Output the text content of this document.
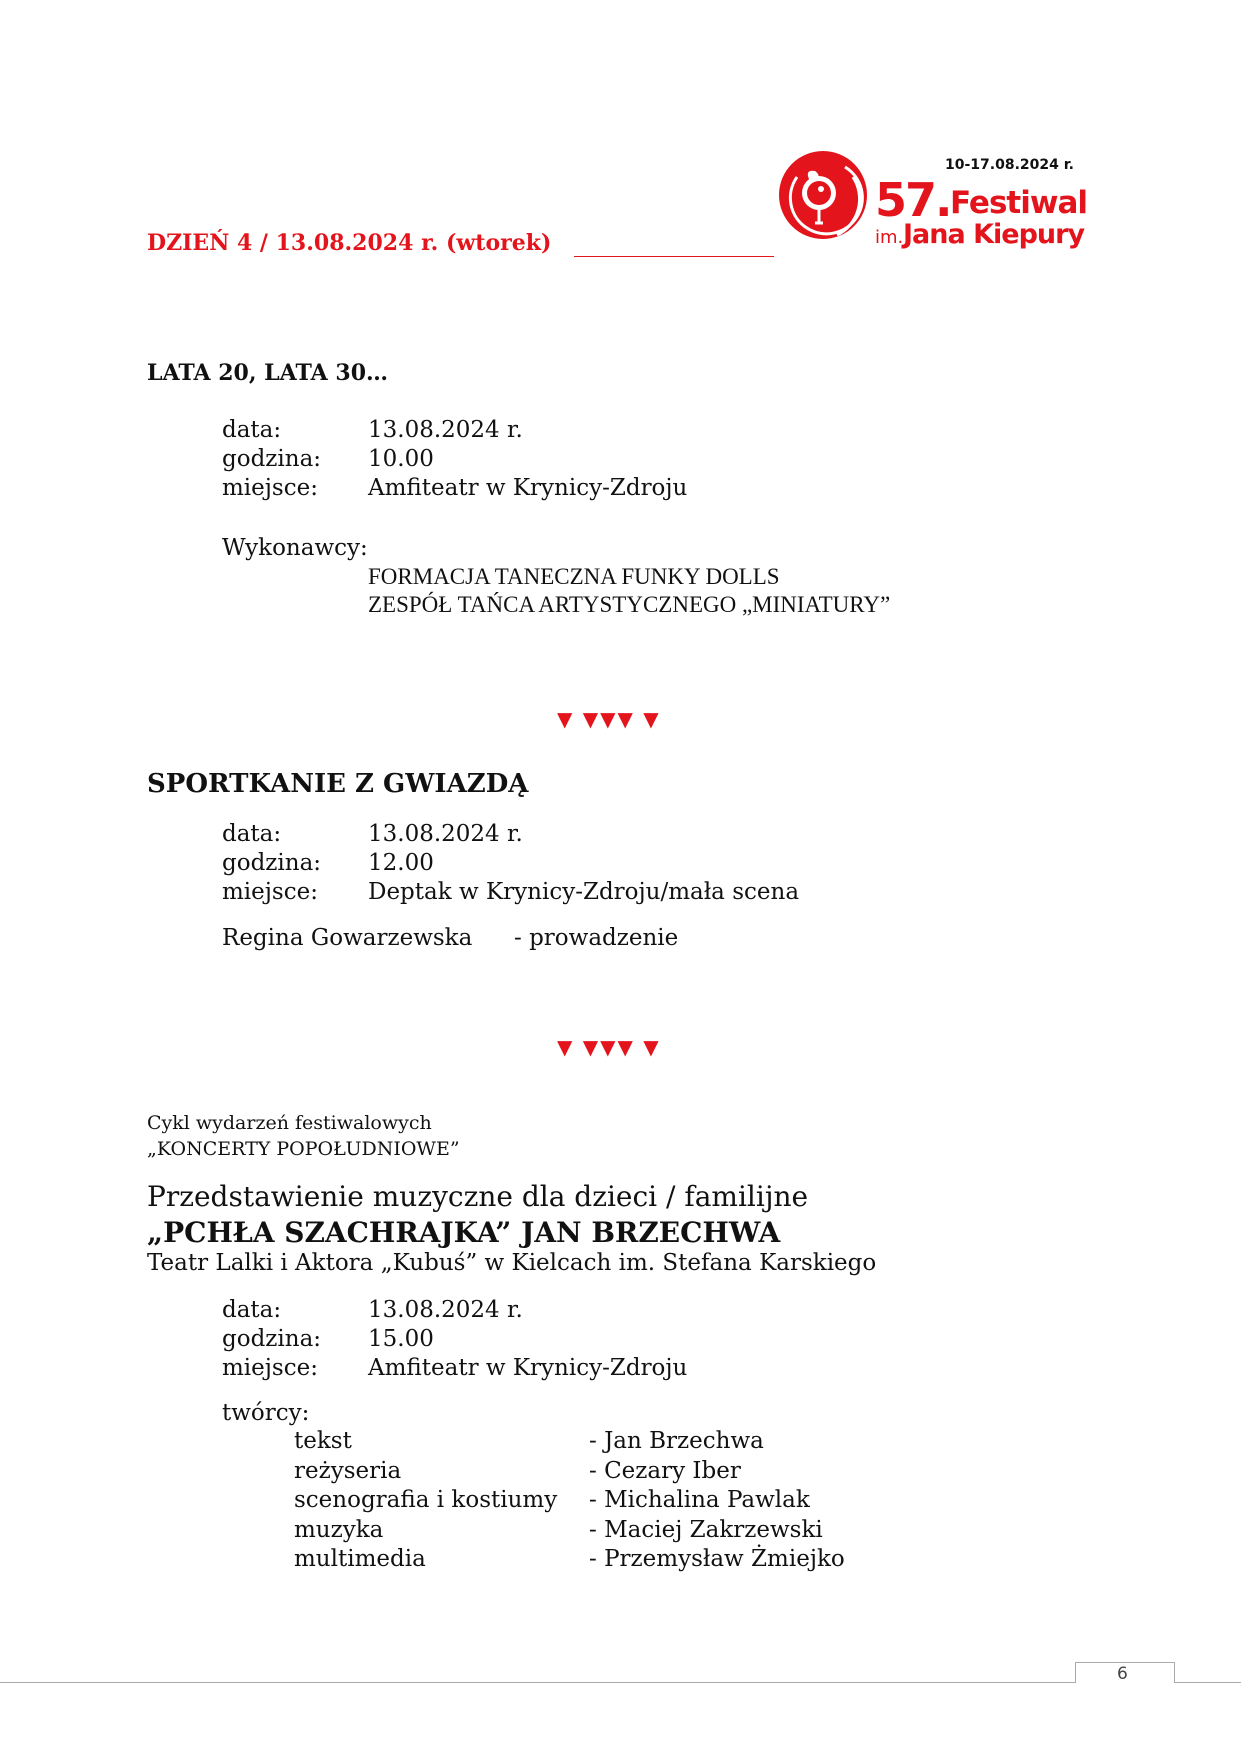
DZIEŃ 4 / 13.08.2024 r. (wtorek)
10-17.08.2024 r.
57. Festiwal
im. Jana Kiepury
LATA 20, LATA 30…
data:	13.08.2024 r.
godzina: 10.00
miejsce: Amfiteatr w Krynicy-Zdroju
Wykonawcy:
FORMACJA TANECZNA FUNKY DOLLS
ZESPÓŁ TAŃCA ARTYSTYCZNEGO „MINIATURY”
▼ ▼▼▼ ▼
SPORTKANIE Z GWIAZDĄ
data:	13.08.2024 r.
godzina: 12.00
miejsce: Deptak w Krynicy-Zdroju/mała scena
Regina Gowarzewska - prowadzenie
▼ ▼▼▼ ▼
Cykl wydarzeń festiwalowych
„KONCERTY POPOŁUDNIOWE”
Przedstawienie muzyczne dla dzieci / familijne
„PCHŁA SZACHRAJKA” JAN BRZECHWA
Teatr Lalki i Aktora „Kubuś” w Kielcach im. Stefana Karskiego
data:	13.08.2024 r.
godzina: 15.00
miejsce: Amfiteatr w Krynicy-Zdroju
twórcy:
tekst	- Jan Brzechwa
reżyseria	- Cezary Iber
scenografia i kostiumy - Michalina Pawlak
muzyka	- Maciej Zakrzewski
multimedia	- Przemysław Żmiejko
6
